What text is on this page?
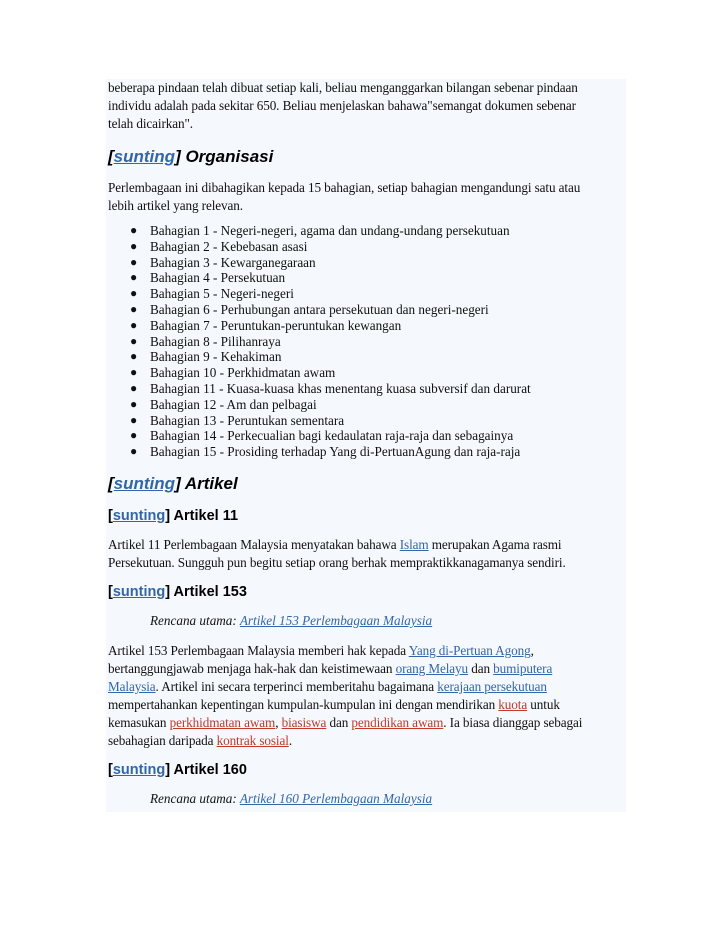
beberapa pindaan telah dibuat setiap kali, beliau menganggarkan bilangan sebenar pindaan
individu adalah pada sekitar 650. Beliau menjelaskan bahawa"semangat dokumen sebenar
telah dicairkan".

[sunting] Organisasi

Perlembagaan ini dibahagikan kepada 15 bahagian, setiap bahagian mengandungi satu atau
lebih artikel yang relevan.

● Bahagian 1 - Negeri-negeri, agama dan undang-undang persekutuan
● Bahagian 2 - Kebebasan asasi
● Bahagian 3 - Kewarganegaraan
● Bahagian 4 - Persekutuan
● Bahagian 5 - Negeri-negeri
● Bahagian 6 - Perhubungan antara persekutuan dan negeri-negeri
● Bahagian 7 - Peruntukan-peruntukan kewangan
● Bahagian 8 - Pilihanraya
● Bahagian 9 - Kehakiman
● Bahagian 10 - Perkhidmatan awam
● Bahagian 11 - Kuasa-kuasa khas menentang kuasa subversif dan darurat
● Bahagian 12 - Am dan pelbagai
● Bahagian 13 - Peruntukan sementara
● Bahagian 14 - Perkecualian bagi kedaulatan raja-raja dan sebagainya
● Bahagian 15 - Prosiding terhadap Yang di-PertuanAgung dan raja-raja
[sunting] Artikel
[sunting] Artikel 11

Artikel 11 Perlembagaan Malaysia menyatakan bahawa Islam merupakan Agama rasmi
Persekutuan. Sungguh pun begitu setiap orang berhak mempraktikkanagamanya sendiri.

[sunting] Artikel 153
Rencana utama: Artikel 153 Perlembagaan Malaysia

Artikel 153 Perlembagaan Malaysia memberi hak kepada Yang di-Pertuan Agong,
bertanggungjawab menjaga hak-hak dan keistimewaan orang Melayu dan bumiputera
Malaysia. Artikel ini secara terperinci memberitahu bagaimana kerajaan persekutuan
mempertahankan kepentingan kumpulan-kumpulan ini dengan mendirikan kuota untuk
kemasukan perkhidmatan awam, biasiswa dan pendidikan awam. Ia biasa dianggap sebagai
sebahagian daripada kontrak sosial.

[sunting] Artikel 160
Rencana utama: Artikel 160 Perlembagaan Malaysia
